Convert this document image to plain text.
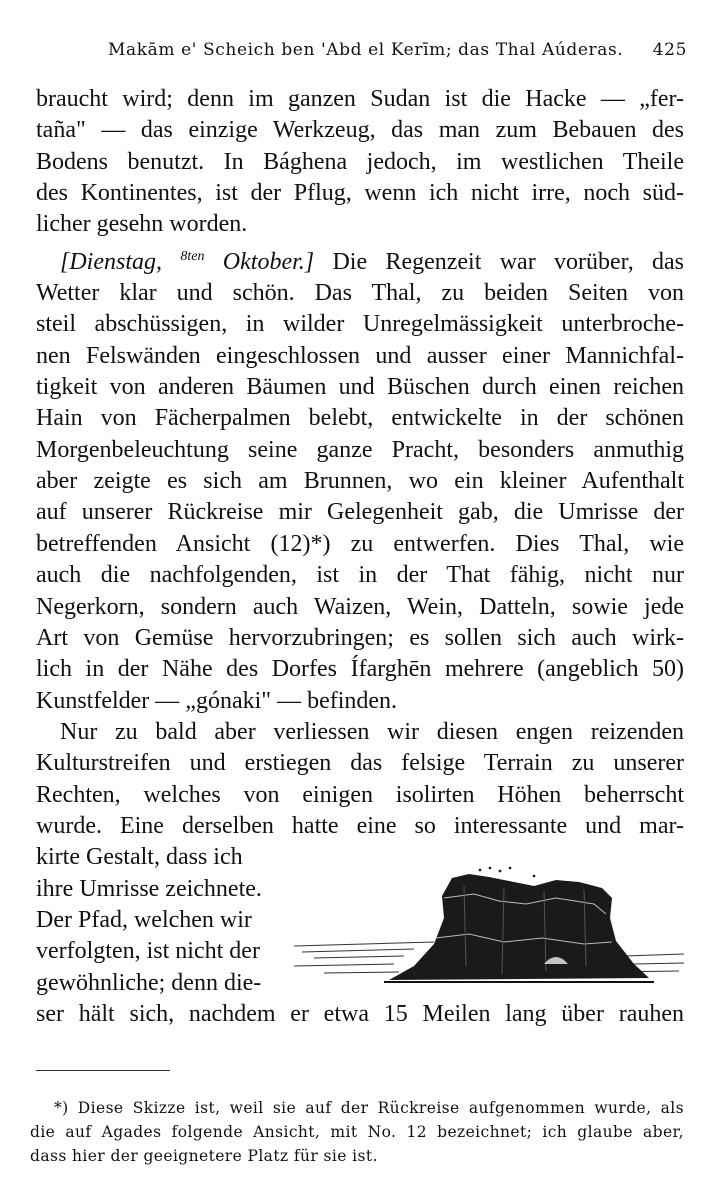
Makām e' Scheich ben 'Abd el Kerīm; das Thal Aúderas. 425

braucht wird; denn im ganzen Sudan ist die Hacke — „fer-

taña" — das einzige Werkzeug, das man zum Bebauen des

Bodens benutzt. In Bághena jedoch, im westlichen Theile

des Kontinentes, ist der Pflug, wenn ich nicht irre, noch süd-

licher gesehn worden.

[Dienstag, $^{8ten}$ Oktober.] Die Regenzeit war vorüber, das

Wetter klar und schön. Das Thal, zu beiden Seiten von

steil abschüssigen, in wilder Unregelmässigkeit unterbroche-

nen Felswänden eingeschlossen und ausser einer Mannichfal-

tigkeit von anderen Bäumen und Büschen durch einen reichen

Hain von Fächerpalmen belebt, entwickelte in der schönen

Morgenbeleuchtung seine ganze Pracht, besonders anmuthig

aber zeigte es sich am Brunnen, wo ein kleiner Aufenthalt

auf unserer Rückreise mir Gelegenheit gab, die Umrisse der

betreffenden Ansicht (12)*) zu entwerfen. Dies Thal, wie

auch die nachfolgenden, ist in der That fähig, nicht nur

Negerkorn, sondern auch Waizen, Wein, Datteln, sowie jede

Art von Gemüse hervorzubringen; es sollen sich auch wirk-

lich in der Nähe des Dorfes Ífarghēn mehrere (angeblich 50)

Kunstfelder — „gónaki" — befinden.

Nur zu bald aber verliessen wir diesen engen reizenden

Kulturstreifen und erstiegen das felsige Terrain zu unserer

Rechten, welches von einigen isolirten Höhen beherrscht

wurde. Eine derselben hatte eine so interessante und mar-

kirte Gestalt, dass ich

ihre Umrisse zeichnete.

Der Pfad, welchen wir

verfolgten, ist nicht der

gewöhnliche; denn die-

ser hält sich, nachdem er etwa 15 Meilen lang über rauhen

*) Diese Skizze ist, weil sie auf der Rückreise aufgenommen wurde, als
die auf Agades folgende Ansicht, mit No. 12 bezeichnet; ich glaube aber,
dass hier der geeignetere Platz für sie ist.
